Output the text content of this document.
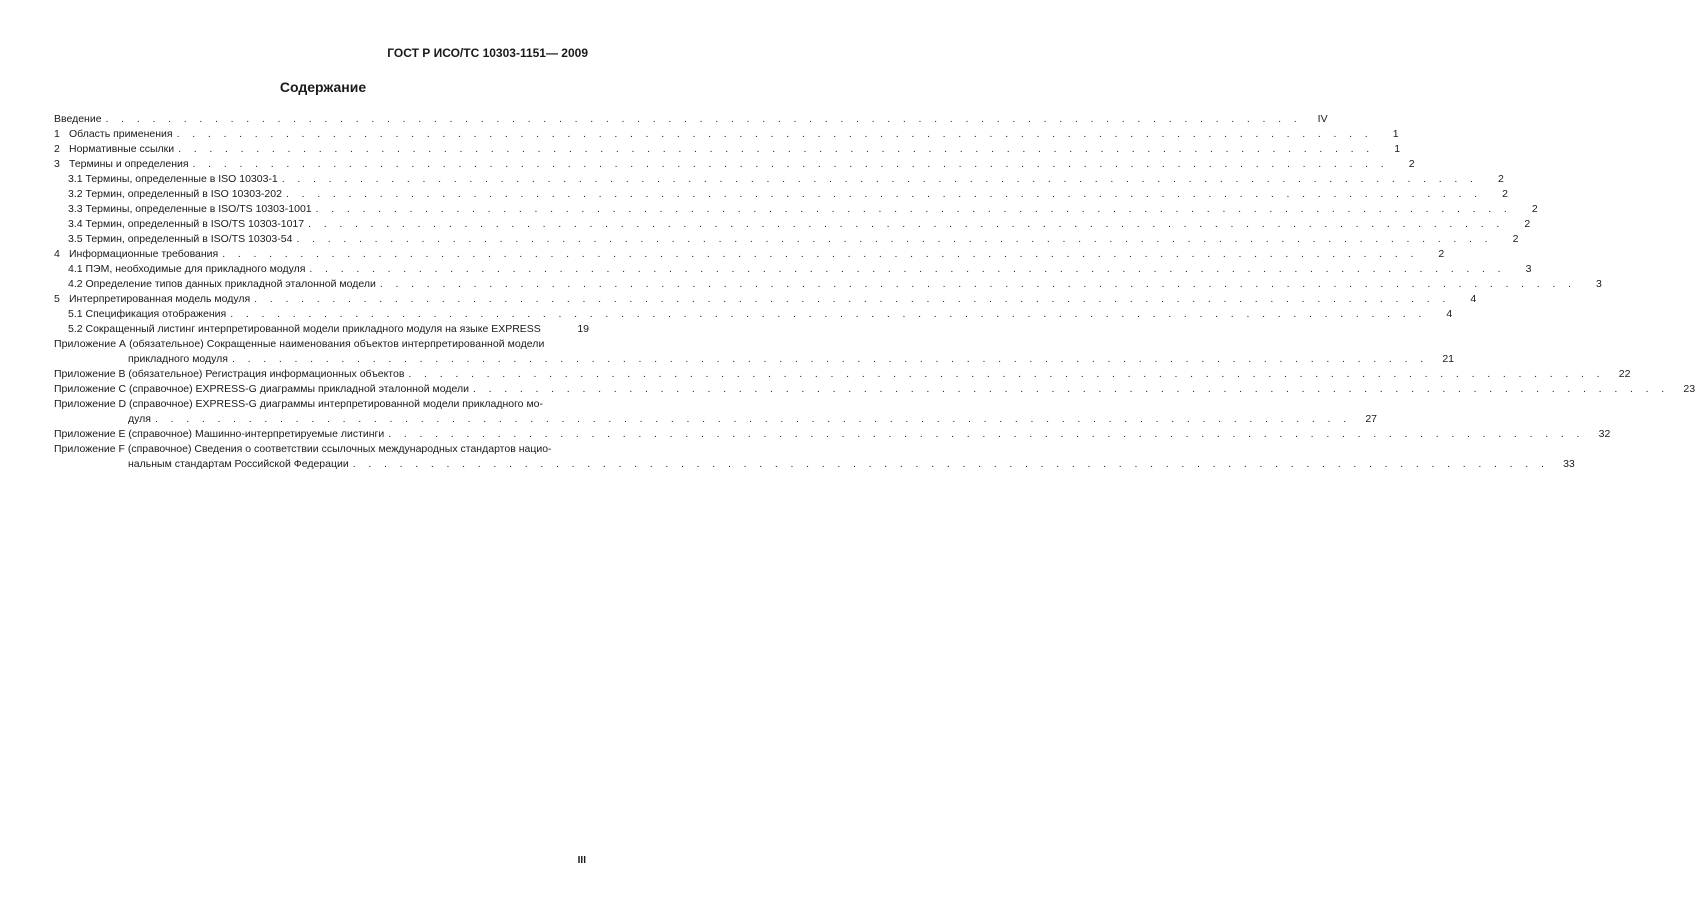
ГОСТ Р ИСО/ТС 10303-1151— 2009
Содержание
Введение . . . . . . . . . . . . . . . . . . . . . . . . . . . . . . . . . . . . . . . . . . . . . . . . . . . . . . . . . . . . . . . . . . . . . . . . . . . . .	IV
1 Область применения . . . . . . . . . . . . . . . . . . . . . . . . . . . . . . . . . . . . . . . . . . . . . . . . . . . . . . . . . . . . . . . . . . . . . . . . . . . . .	1
2 Нормативные ссылки . . . . . . . . . . . . . . . . . . . . . . . . . . . . . . . . . . . . . . . . . . . . . . . . . . . . . . . . . . . . . . . . . . . . . . . . . . . . .	1
3 Термины и определения . . . . . . . . . . . . . . . . . . . . . . . . . . . . . . . . . . . . . . . . . . . . . . . . . . . . . . . . . . . . . . . . . . . . . . . . . . . . .	2
3.1 Термины, определенные в ISO 10303-1 . . . . . . . . . . . . . . . . . . . . . . . . . . . . . . . . . . . . . . . . . . . . . . . . . . . . . . . . . . . . . . . . . . . . . . . . . . . . .	2
3.2 Термин, определенный в ISO 10303-202 . . . . . . . . . . . . . . . . . . . . . . . . . . . . . . . . . . . . . . . . . . . . . . . . . . . . . . . . . . . . . . . . . . . . . . . . . . . . .	2
3.3 Термины, определенные в ISO/TS 10303-1001 . . . . . . . . . . . . . . . . . . . . . . . . . . . . . . . . . . . . . . . . . . . . . . . . . . . . . . . . . . . . . . . . . . . . . . . . . . . . .	2
3.4 Термин, определенный в ISO/TS 10303-1017 . . . . . . . . . . . . . . . . . . . . . . . . . . . . . . . . . . . . . . . . . . . . . . . . . . . . . . . . . . . . . . . . . . . . . . . . . . . . .	2
3.5 Термин, определенный в ISO/TS 10303-54 . . . . . . . . . . . . . . . . . . . . . . . . . . . . . . . . . . . . . . . . . . . . . . . . . . . . . . . . . . . . . . . . . . . . . . . . . . . . .	2
4 Информационные требования . . . . . . . . . . . . . . . . . . . . . . . . . . . . . . . . . . . . . . . . . . . . . . . . . . . . . . . . . . . . . . . . . . . . . . . . . . . . .	2
4.1 ПЭМ, необходимые для прикладного модуля . . . . . . . . . . . . . . . . . . . . . . . . . . . . . . . . . . . . . . . . . . . . . . . . . . . . . . . . . . . . . . . . . . . . . . . . . . . . .	3
4.2 Определение типов данных прикладной эталонной модели . . . . . . . . . . . . . . . . . . . . . . . . . . . . . . . . . . . . . . . . . . . . . . . . . . . . . . . . . . . . . . . . . . . . . . . . . . . . .	3
5 Интерпретированная модель модуля . . . . . . . . . . . . . . . . . . . . . . . . . . . . . . . . . . . . . . . . . . . . . . . . . . . . . . . . . . . . . . . . . . . . . . . . . . . . .	4
5.1 Спецификация отображения . . . . . . . . . . . . . . . . . . . . . . . . . . . . . . . . . . . . . . . . . . . . . . . . . . . . . . . . . . . . . . . . . . . . . . . . . . . . .	4
5.2 Сокращенный листинг интерпретированной модели прикладного модуля на языке EXPRESS	19
Приложение А (обязательное) Сокращенные наименования объектов интерпретированной модели
прикладного модуля . . . . . . . . . . . . . . . . . . . . . . . . . . . . . . . . . . . . . . . . . . . . . . . . . . . . . . . . . . . . . . . . . . . . . . . . . . . . .	21
Приложение В (обязательное) Регистрация информационных объектов . . . . . . . . . . . . . . . . . . . . . . . . . . . . . . . . . . . . . . . . . . . . . . . . . . . . . . . . . . . . . . . . . . . . . . . . . . . . .	22
Приложение С (справочное) EXPRESS-G диаграммы прикладной эталонной модели . . . . . . . . . . . . . . . . . . . . . . . . . . . . . . . . . . . . . . . . . . . . . . . . . . . . . . . . . . . . . . . . . . . . . . . . . . . . .	23
Приложение D (справочное) EXPRESS-G диаграммы интерпретированной модели прикладного мо-
дуля . . . . . . . . . . . . . . . . . . . . . . . . . . . . . . . . . . . . . . . . . . . . . . . . . . . . . . . . . . . . . . . . . . . . . . . . . . . . .	27
Приложение Е (справочное) Машинно-интерпретируемые листинги . . . . . . . . . . . . . . . . . . . . . . . . . . . . . . . . . . . . . . . . . . . . . . . . . . . . . . . . . . . . . . . . . . . . . . . . . . . . .	32
Приложение F (справочное) Сведения о соответствии ссылочных международных стандартов нацио-
нальным стандартам Российской Федерации . . . . . . . . . . . . . . . . . . . . . . . . . . . . . . . . . . . . . . . . . . . . . . . . . . . . . . . . . . . . . . . . . . . . . . . . . . . . .	33
III
